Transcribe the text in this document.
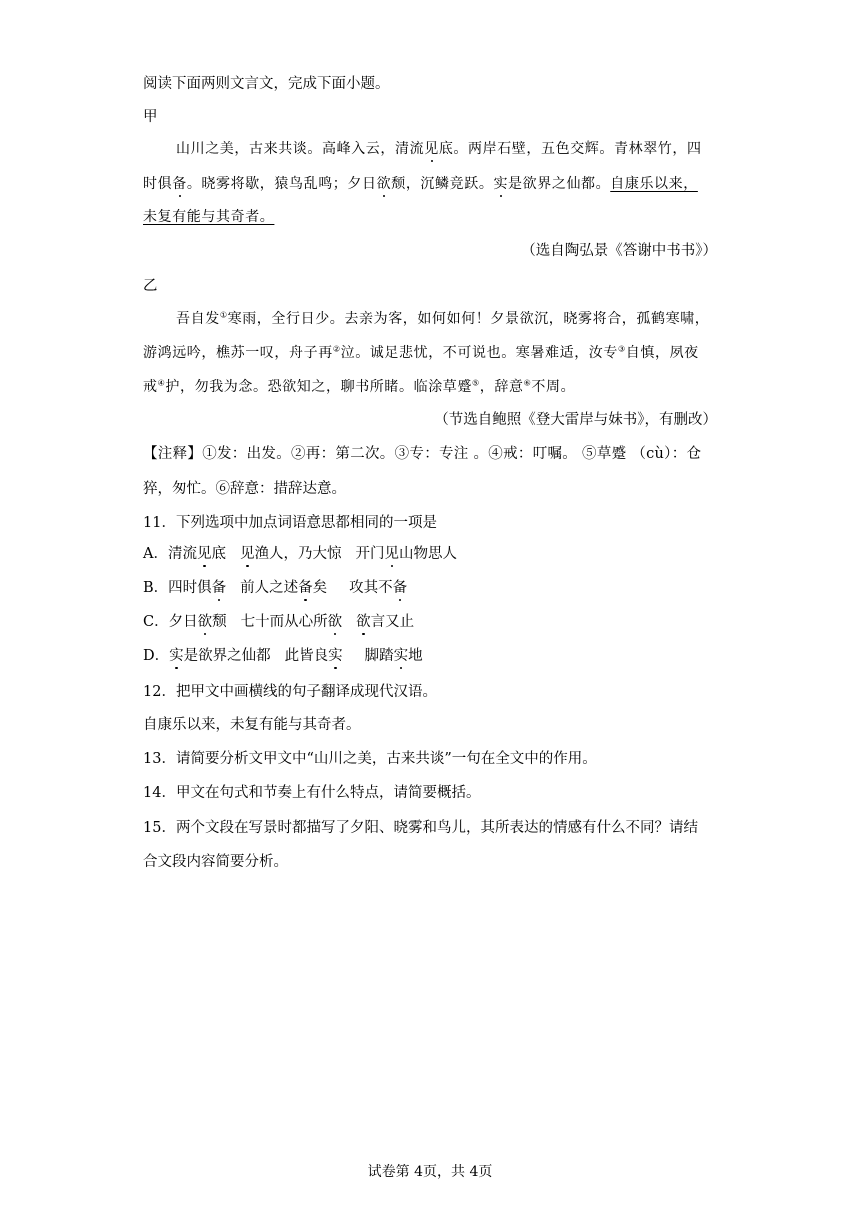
阅读下面两则文言文，完成下面小题。
甲
山川之美，古来共谈。高峰入云，清流见底。两岸石壁，五色交辉。青林翠竹，四
时俱备。晓雾将歇，猿鸟乱鸣；夕日欲颓，沉鳞竞跃。实是欲界之仙都。自康乐以来，
未复有能与其奇者。
（选自陶弘景《答谢中书书》）
乙
吾自发①寒雨，全行日少。去亲为客，如何如何！夕景欲沉，晓雾将合，孤鹤寒啸，
游鸿远吟，樵苏一叹，舟子再②泣。诚足悲忧，不可说也。寒暑难适，汝专③自慎，夙夜
戒④护，勿我为念。恐欲知之，聊书所睹。临涂草蹙⑤，辞意⑥不周。
（节选自鲍照《登大雷岸与妹书》，有删改）
【注释】①发：出发。②再：第二次。③专：专注 。④戒：叮嘱。 ⑤草蹙 （cù）：仓
猝，匆忙。⑥辞意：措辞达意。
11．下列选项中加点词语意思都相同的一项是
A．清流见底 见渔人，乃大惊 开门见山物思人
B．四时俱备 前人之述备矣 攻其不备
C．夕日欲颓 七十而从心所欲 欲言又止
D．实是欲界之仙都 此皆良实 脚踏实地
12．把甲文中画横线的句子翻译成现代汉语。
自康乐以来，未复有能与其奇者。
13．请简要分析文甲文中“山川之美，古来共谈”一句在全文中的作用。
14．甲文在句式和节奏上有什么特点，请简要概括。
15．两个文段在写景时都描写了夕阳、晓雾和鸟儿，其所表达的情感有什么不同？请结
合文段内容简要分析。
试卷第 4页，共 4页
